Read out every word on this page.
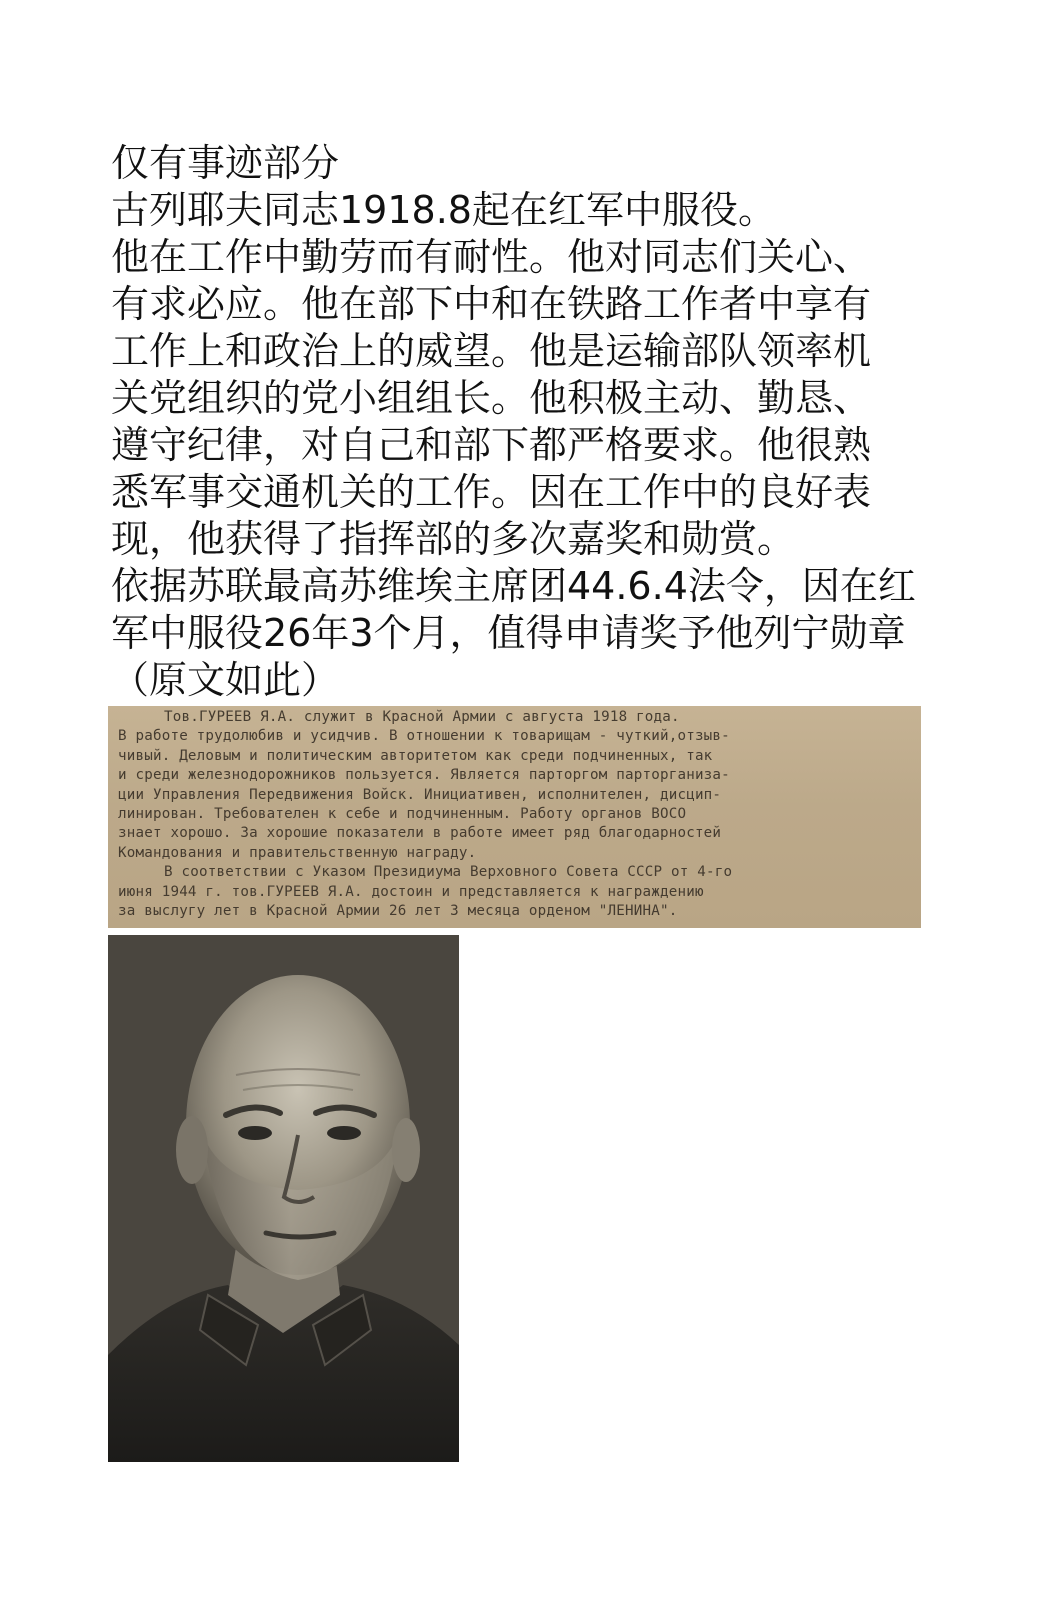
仅有事迹部分
古列耶夫同志1918.8起在红军中服役。
他在工作中勤劳而有耐性。他对同志们关心、
有求必应。他在部下中和在铁路工作者中享有
工作上和政治上的威望。他是运输部队领率机
关党组织的党小组组长。他积极主动、勤恳、
遵守纪律，对自己和部下都严格要求。他很熟
悉军事交通机关的工作。因在工作中的良好表
现，他获得了指挥部的多次嘉奖和勋赏。
依据苏联最高苏维埃主席团44.6.4法令，因在红
军中服役26年3个月，值得申请奖予他列宁勋章
（原文如此）
Тов.ГУРЕЕВ Я.А. служит в Красной Армии с августа 1918 года.
В работе трудолюбив и усидчив. В отношении к товарищам - чуткий,отзыв-
чивый. Деловым и политическим авторитетом как среди подчиненных, так
и среди железнодорожников пользуется. Является парторгом парторганиза-
ции Управления Передвижения Войск. Инициативен, исполнителен, дисцип-
линирован. Требователен к себе и подчиненным. Работу органов ВОСО
знает хорошо. За хорошие показатели в работе имеет ряд благодарностей
Командования и правительственную награду.
В соответствии с Указом Президиума Верховного Совета СССР от 4-го
июня 1944 г. тов.ГУРЕЕВ Я.А. достоин и представляется к награждению
за выслугу лет в Красной Армии 26 лет 3 месяца орденом "ЛЕНИНА".
